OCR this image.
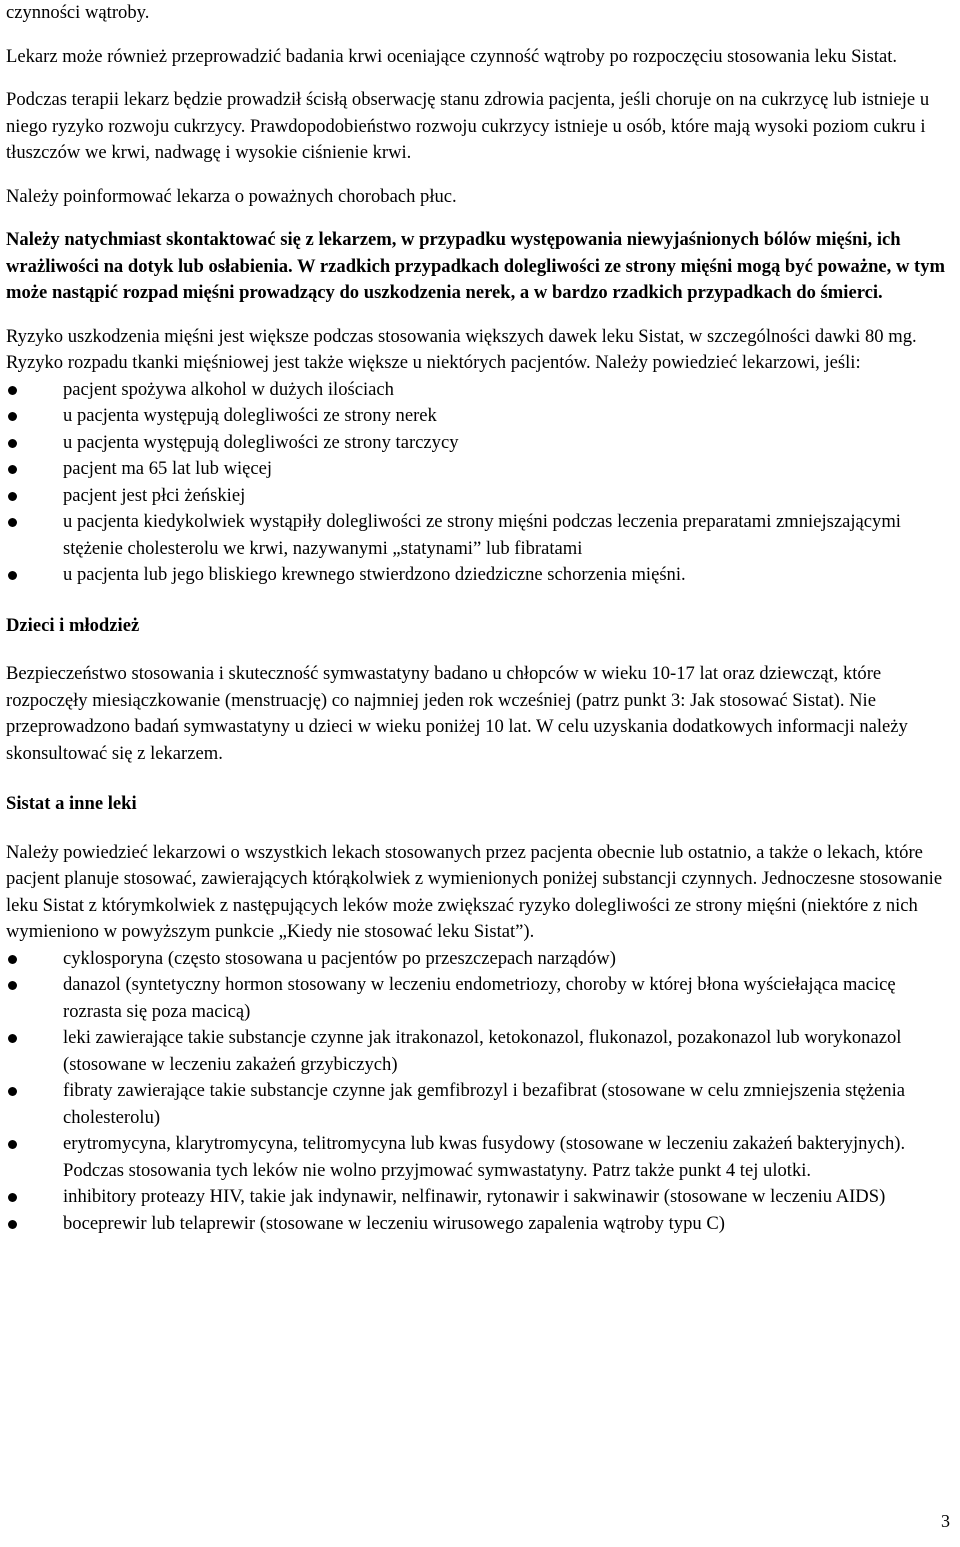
czynności wątroby.

Lekarz może również przeprowadzić badania krwi oceniające czynność wątroby po rozpoczęciu stosowania leku Sistat.

Podczas terapii lekarz będzie prowadził ścisłą obserwację stanu zdrowia pacjenta, jeśli choruje on na cukrzycę lub istnieje u niego ryzyko rozwoju cukrzycy. Prawdopodobieństwo rozwoju cukrzycy istnieje u osób, które mają wysoki poziom cukru i tłuszczów we krwi, nadwagę i wysokie ciśnienie krwi.

Należy poinformować lekarza o poważnych chorobach płuc.

Należy natychmiast skontaktować się z lekarzem, w przypadku występowania niewyjaśnionych bólów mięśni, ich wrażliwości na dotyk lub osłabienia. W rzadkich przypadkach dolegliwości ze strony mięśni mogą być poważne, w tym może nastąpić rozpad mięśni prowadzący do uszkodzenia nerek, a w bardzo rzadkich przypadkach do śmierci.

Ryzyko uszkodzenia mięśni jest większe podczas stosowania większych dawek leku Sistat, w szczególności dawki 80 mg. Ryzyko rozpadu tkanki mięśniowej jest także większe u niektórych pacjentów. Należy powiedzieć lekarzowi, jeśli:

pacjent spożywa alkohol w dużych ilościach
u pacjenta występują dolegliwości ze strony nerek
u pacjenta występują dolegliwości ze strony tarczycy
pacjent ma 65 lat lub więcej
pacjent jest płci żeńskiej
u pacjenta kiedykolwiek wystąpiły dolegliwości ze strony mięśni podczas leczenia preparatami zmniejszającymi stężenie cholesterolu we krwi, nazywanymi „statynami” lub fibratami
u pacjenta lub jego bliskiego krewnego stwierdzono dziedziczne schorzenia mięśni.

Dzieci i młodzież

Bezpieczeństwo stosowania i skuteczność symwastatyny badano u chłopców w wieku 10-17 lat oraz dziewcząt, które rozpoczęły miesiączkowanie (menstruację) co najmniej jeden rok wcześniej (patrz punkt 3: Jak stosować Sistat). Nie przeprowadzono badań symwastatyny u dzieci w wieku poniżej 10 lat. W celu uzyskania dodatkowych informacji należy skonsultować się z lekarzem.

Sistat a inne leki

Należy powiedzieć lekarzowi o wszystkich lekach stosowanych przez pacjenta obecnie lub ostatnio, a także o lekach, które pacjent planuje stosować, zawierających którąkolwiek z wymienionych poniżej substancji czynnych. Jednoczesne stosowanie leku Sistat z którymkolwiek z następujących leków może zwiększać ryzyko dolegliwości ze strony mięśni (niektóre z nich wymieniono w powyższym punkcie „Kiedy nie stosować leku Sistat”).

cyklosporyna (często stosowana u pacjentów po przeszczepach narządów)
danazol (syntetyczny hormon stosowany w leczeniu endometriozy, choroby w której błona wyściełająca macicę rozrasta się poza macicą)
leki zawierające takie substancje czynne jak itrakonazol, ketokonazol, flukonazol, pozakonazol lub worykonazol (stosowane w leczeniu zakażeń grzybiczych)
fibraty zawierające takie substancje czynne jak gemfibrozyl i bezafibrat (stosowane w celu zmniejszenia stężenia cholesterolu)
erytromycyna, klarytromycyna, telitromycyna lub kwas fusydowy (stosowane w leczeniu zakażeń bakteryjnych). Podczas stosowania tych leków nie wolno przyjmować symwastatyny. Patrz także punkt 4 tej ulotki.
inhibitory proteazy HIV, takie jak indynawir, nelfinawir, rytonawir i sakwinawir (stosowane w leczeniu AIDS)
boceprewir lub telaprewir (stosowane w leczeniu wirusowego zapalenia wątroby typu C)
3
